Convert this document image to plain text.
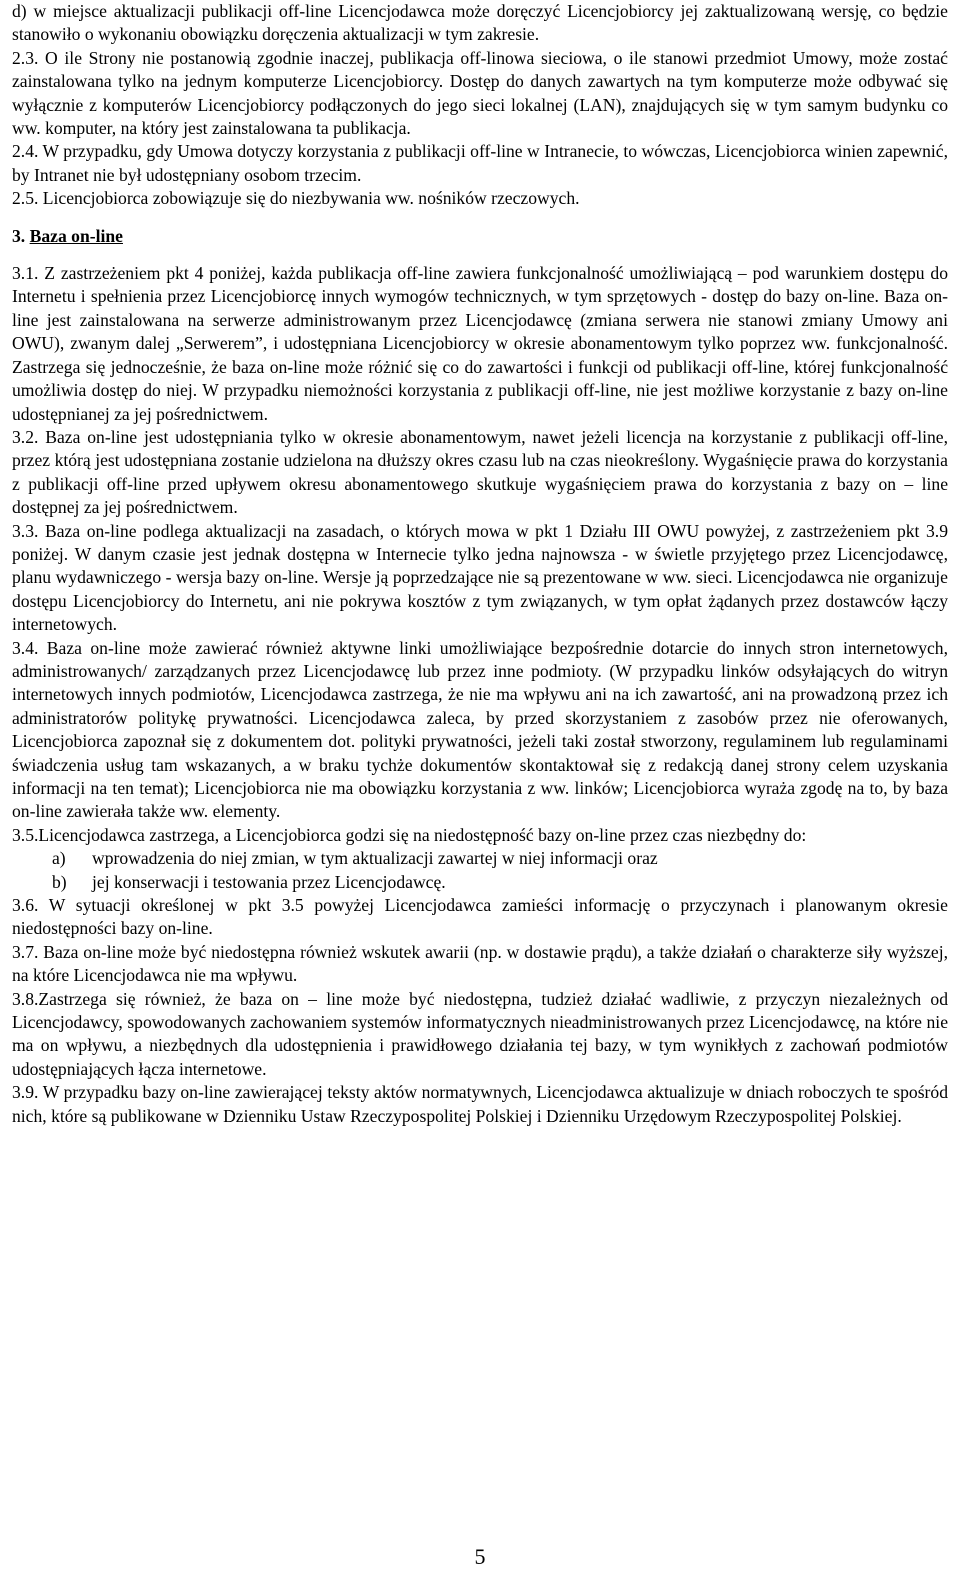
d) w miejsce aktualizacji publikacji off-line Licencjodawca może doręczyć Licencjobiorcy jej zaktualizowaną wersję, co będzie stanowiło o wykonaniu obowiązku doręczenia aktualizacji w tym zakresie.

2.3. O ile Strony nie postanowią zgodnie inaczej, publikacja off-linowa sieciowa, o ile stanowi przedmiot Umowy, może zostać zainstalowana tylko na jednym komputerze Licencjobiorcy. Dostęp do danych zawartych na tym komputerze może odbywać się wyłącznie z komputerów Licencjobiorcy podłączonych do jego sieci lokalnej (LAN), znajdujących się w tym samym budynku co ww. komputer, na który jest zainstalowana ta publikacja.

2.4. W przypadku, gdy Umowa dotyczy korzystania z publikacji off-line w Intranecie, to wówczas, Licencjobiorca winien zapewnić, by Intranet nie był udostępniany osobom trzecim.

2.5. Licencjobiorca zobowiązuje się do niezbywania ww. nośników rzeczowych.

3. Baza on-line

3.1. Z zastrzeżeniem pkt 4 poniżej, każda publikacja off-line zawiera funkcjonalność umożliwiającą – pod warunkiem dostępu do Internetu i spełnienia przez Licencjobiorcę innych wymogów technicznych, w tym sprzętowych - dostęp do bazy on-line. Baza on-line jest zainstalowana na serwerze administrowanym przez Licencjodawcę (zmiana serwera nie stanowi zmiany Umowy ani OWU), zwanym dalej „Serwerem”, i udostępniana Licencjobiorcy w okresie abonamentowym tylko poprzez ww. funkcjonalność. Zastrzega się jednocześnie, że baza on-line może różnić się co do zawartości i funkcji od publikacji off-line, której funkcjonalność umożliwia dostęp do niej. W przypadku niemożności korzystania z publikacji off-line, nie jest możliwe korzystanie z bazy on-line udostępnianej za jej pośrednictwem.

3.2. Baza on-line jest udostępniania tylko w okresie abonamentowym, nawet jeżeli licencja na korzystanie z publikacji off-line, przez którą jest udostępniana zostanie udzielona na dłuższy okres czasu lub na czas nieokreślony. Wygaśnięcie prawa do korzystania z publikacji off-line przed upływem okresu abonamentowego skutkuje wygaśnięciem prawa do korzystania z bazy on – line dostępnej za jej pośrednictwem.

3.3. Baza on-line podlega aktualizacji na zasadach, o których mowa w pkt 1 Działu III OWU powyżej, z zastrzeżeniem pkt 3.9 poniżej. W danym czasie jest jednak dostępna w Internecie tylko jedna najnowsza - w świetle przyjętego przez Licencjodawcę, planu wydawniczego - wersja bazy on-line. Wersje ją poprzedzające nie są prezentowane w ww. sieci. Licencjodawca nie organizuje dostępu Licencjobiorcy do Internetu, ani nie pokrywa kosztów z tym związanych, w tym opłat żądanych przez dostawców łączy internetowych.

3.4. Baza on-line może zawierać również aktywne linki umożliwiające bezpośrednie dotarcie do innych stron internetowych, administrowanych/ zarządzanych przez Licencjodawcę lub przez inne podmioty. (W przypadku linków odsyłających do witryn internetowych innych podmiotów, Licencjodawca zastrzega, że nie ma wpływu ani na ich zawartość, ani na prowadzoną przez ich administratorów politykę prywatności. Licencjodawca zaleca, by przed skorzystaniem z zasobów przez nie oferowanych, Licencjobiorca zapoznał się z dokumentem dot. polityki prywatności, jeżeli taki został stworzony, regulaminem lub regulaminami świadczenia usług tam wskazanych, a w braku tychże dokumentów skontaktował się z redakcją danej strony celem uzyskania informacji na ten temat); Licencjobiorca nie ma obowiązku korzystania z ww. linków; Licencjobiorca wyraża zgodę na to, by baza on-line zawierała także ww. elementy.

3.5.Licencjodawca zastrzega, a Licencjobiorca godzi się na niedostępność bazy on-line przez czas niezbędny do:

a) wprowadzenia do niej zmian, w tym aktualizacji zawartej w niej informacji oraz

b) jej konserwacji i testowania przez Licencjodawcę.

3.6. W sytuacji określonej w pkt 3.5 powyżej Licencjodawca zamieści informację o przyczynach i planowanym okresie niedostępności bazy on-line.

3.7. Baza on-line może być niedostępna również wskutek awarii (np. w dostawie prądu), a także działań o charakterze siły wyższej, na które Licencjodawca nie ma wpływu.

3.8.Zastrzega się również, że baza on – line może być niedostępna, tudzież działać wadliwie, z przyczyn niezależnych od Licencjodawcy, spowodowanych zachowaniem systemów informatycznych nieadministrowanych przez Licencjodawcę, na które nie ma on wpływu, a niezbędnych dla udostępnienia i prawidłowego działania tej bazy, w tym wynikłych z zachowań podmiotów udostępniających łącza internetowe.

3.9. W przypadku bazy on-line zawierającej teksty aktów normatywnych, Licencjodawca aktualizuje w dniach roboczych te spośród nich, które są publikowane w Dzienniku Ustaw Rzeczypospolitej Polskiej i Dzienniku Urzędowym Rzeczypospolitej Polskiej.

5
